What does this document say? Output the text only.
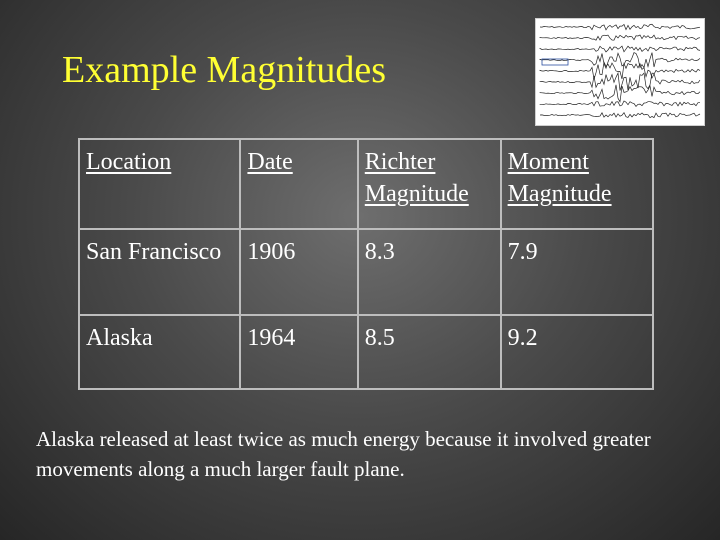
Example Magnitudes
Location	Date	Richter Magnitude	Moment Magnitude
San Francisco	1906	8.3	7.9
Alaska	1964	8.5	9.2
Alaska released at least twice as much energy because it involved greater movements along a much larger fault plane.
